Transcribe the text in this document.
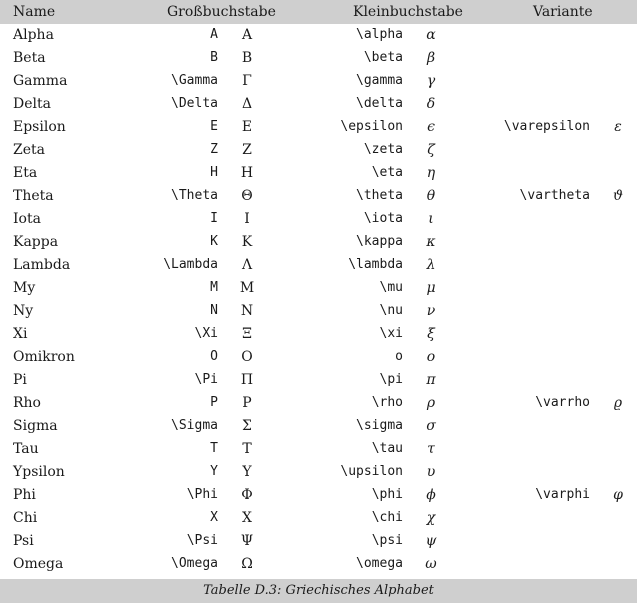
Name	Großbuchstabe	Kleinbuchstabe	Variante
Alpha	A	Α	\alpha	α
Beta	B	Β	\beta	β
Gamma	\Gamma	Γ	\gamma	γ
Delta	\Delta	Δ	\delta	δ
Epsilon	E	Ε	\epsilon	ϵ	\varepsilon	ε
Zeta	Z	Ζ	\zeta	ζ
Eta	H	Η	\eta	η
Theta	\Theta	Θ	\theta	θ	\vartheta	ϑ
Iota	I	Ι	\iota	ι
Kappa	K	Κ	\kappa	κ
Lambda	\Lambda	Λ	\lambda	λ
My	M	Μ	\mu	μ
Ny	N	Ν	\nu	ν
Xi	\Xi	Ξ	\xi	ξ
Omikron	O	Ο	o	ο
Pi	\Pi	Π	\pi	π
Rho	P	Ρ	\rho	ρ	\varrho	ϱ
Sigma	\Sigma	Σ	\sigma	σ
Tau	T	Τ	\tau	τ
Ypsilon	Y	Υ	\upsilon	υ
Phi	\Phi	Φ	\phi	ϕ	\varphi	φ
Chi	X	Χ	\chi	χ
Psi	\Psi	Ψ	\psi	ψ
Omega	\Omega	Ω	\omega	ω
Tabelle D.3: Griechisches Alphabet
